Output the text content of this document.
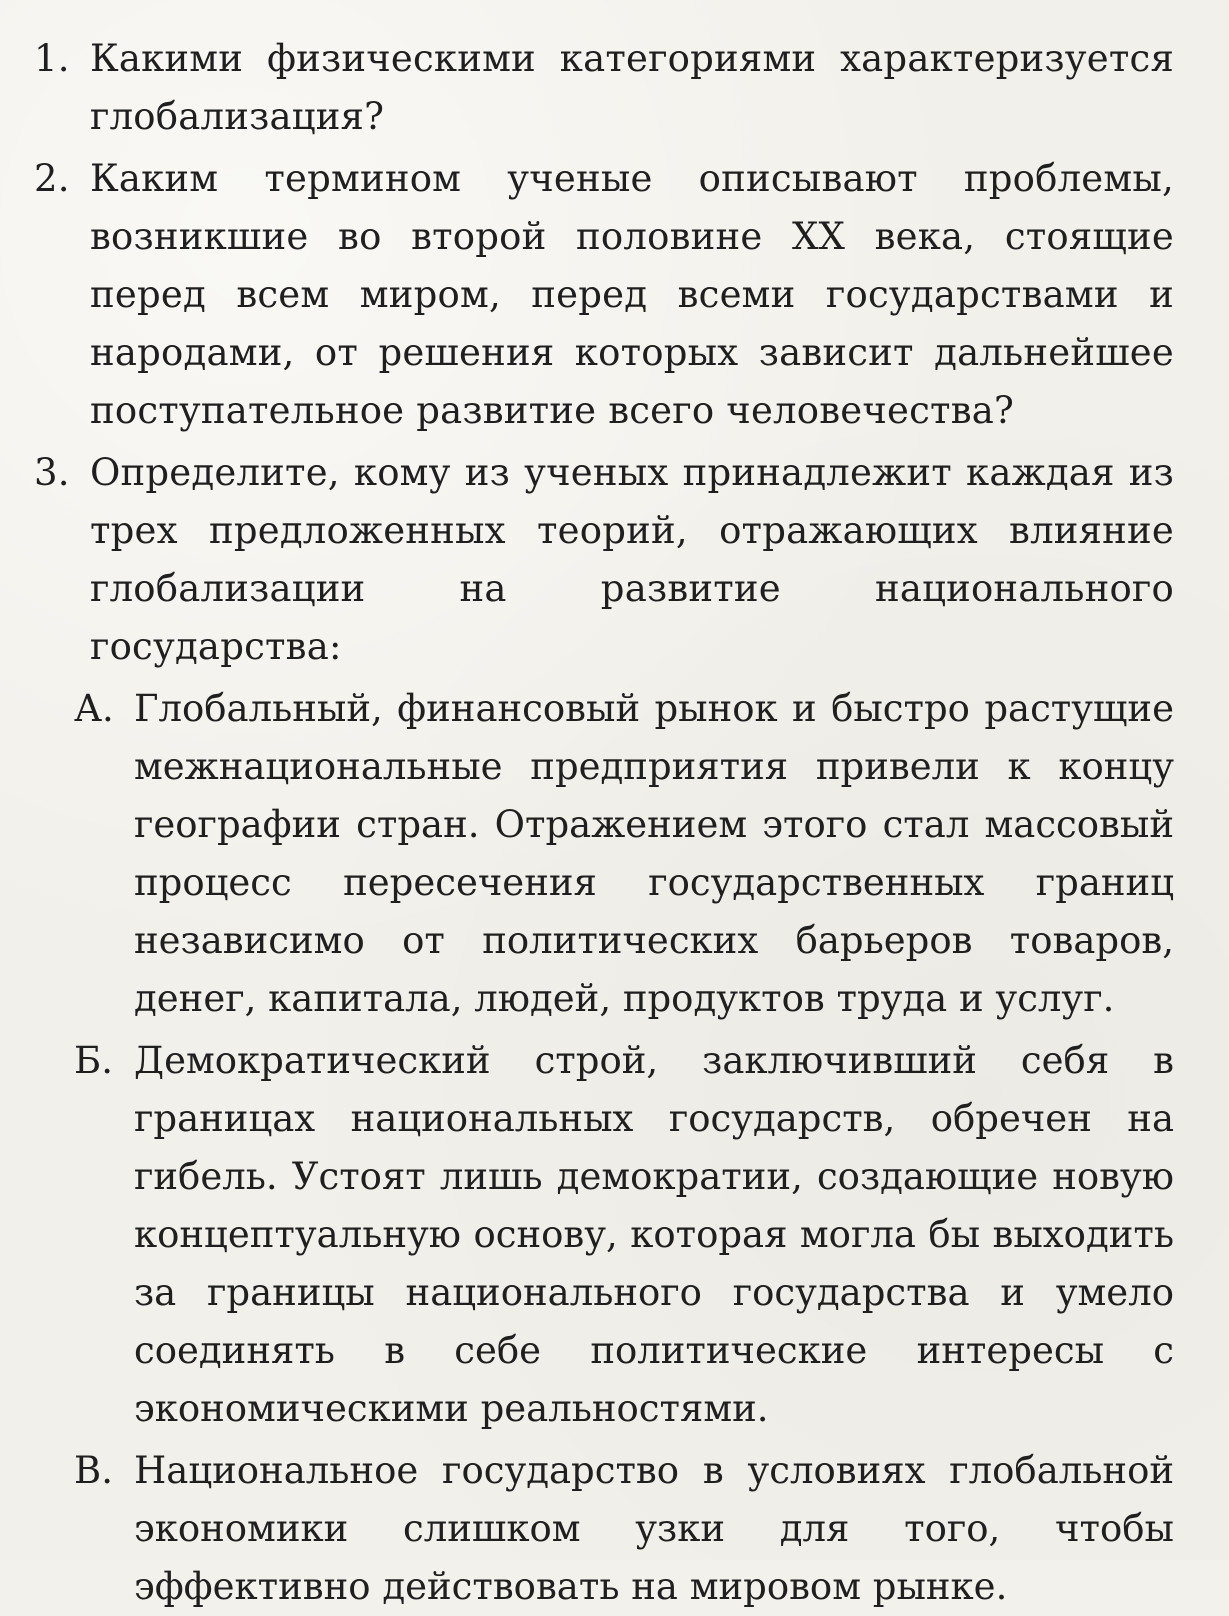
1. Какими физическими категориями характеризуется глобализация?
2. Каким термином ученые описывают проблемы, возникшие во второй половине XX века, стоящие перед всем миром, перед всеми государствами и народами, от решения которых зависит дальнейшее поступательное развитие всего человечества?
3. Определите, кому из ученых принадлежит каждая из трех предложенных теорий, отражающих влияние глобализации на развитие национального государства:
А. Глобальный, финансовый рынок и быстро растущие межнациональные предприятия привели к концу географии стран. Отражением этого стал массовый процесс пересечения государственных границ независимо от политических барьеров товаров, денег, капитала, людей, продуктов труда и услуг.
Б. Демократический строй, заключивший себя в границах национальных государств, обречен на гибель. Устоят лишь демократии, создающие новую концептуальную основу, которая могла бы выходить за границы национального государства и умело соединять в себе политические интересы с экономическими реальностями.
В. Национальное государство в условиях глобальной экономики слишком узки для того, чтобы эффективно действовать на мировом рынке.
